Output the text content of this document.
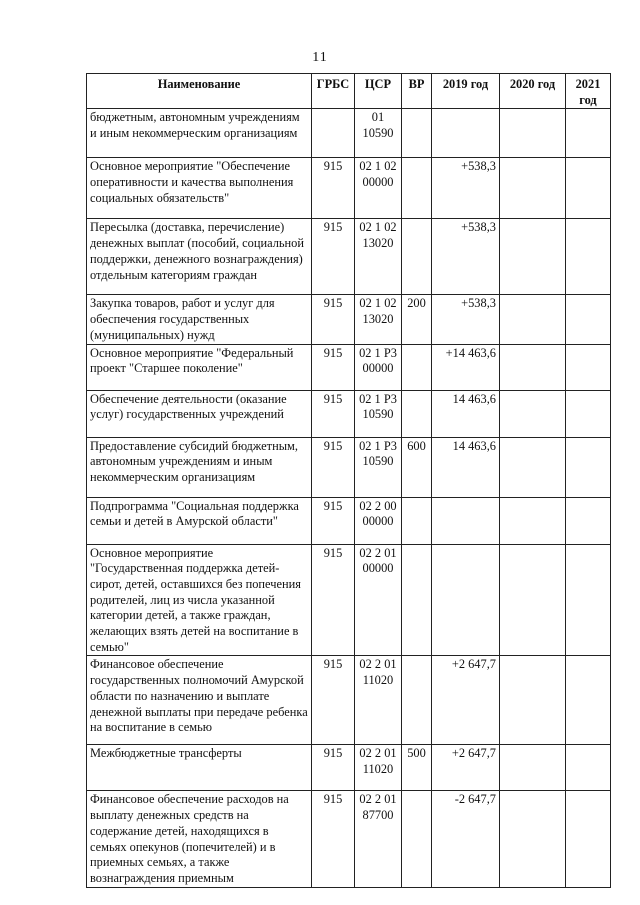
11
Наименование	ГРБС	ЦСР	ВР	2019 год	2020 год	2021 год
бюджетным, автономным учреждениям и иным некоммерческим организациям		01 10590				
Основное мероприятие "Обеспечение оперативности и качества выполнения социальных обязательств"	915	02 1 02 00000		+538,3		
Пересылка (доставка, перечисление) денежных выплат (пособий, социальной поддержки, денежного вознаграждения) отдельным категориям граждан	915	02 1 02 13020		+538,3		
Закупка товаров, работ и услуг для обеспечения государственных (муниципальных) нужд	915	02 1 02 13020	200	+538,3		
Основное мероприятие "Федеральный проект "Старшее поколение"	915	02 1 P3 00000		+14 463,6		
Обеспечение деятельности (оказание услуг) государственных учреждений	915	02 1 P3 10590		14 463,6		
Предоставление субсидий бюджетным, автономным учреждениям и иным некоммерческим организациям	915	02 1 P3 10590	600	14 463,6		
Подпрограмма "Социальная поддержка семьи и детей в Амурской области"	915	02 2 00 00000				
Основное мероприятие "Государственная поддержка детей-сирот, детей, оставшихся без попечения родителей, лиц из числа указанной категории детей, а также граждан, желающих взять детей на воспитание в семью"	915	02 2 01 00000				
Финансовое обеспечение государственных полномочий Амурской области по назначению и выплате денежной выплаты при передаче ребенка на воспитание в семью	915	02 2 01 11020		+2 647,7		
Межбюджетные трансферты	915	02 2 01 11020	500	+2 647,7		
Финансовое обеспечение расходов на выплату денежных средств на содержание детей, находящихся в семьях опекунов (попечителей) и в приемных семьях, а также вознаграждения приемным	915	02 2 01 87700		-2 647,7		
